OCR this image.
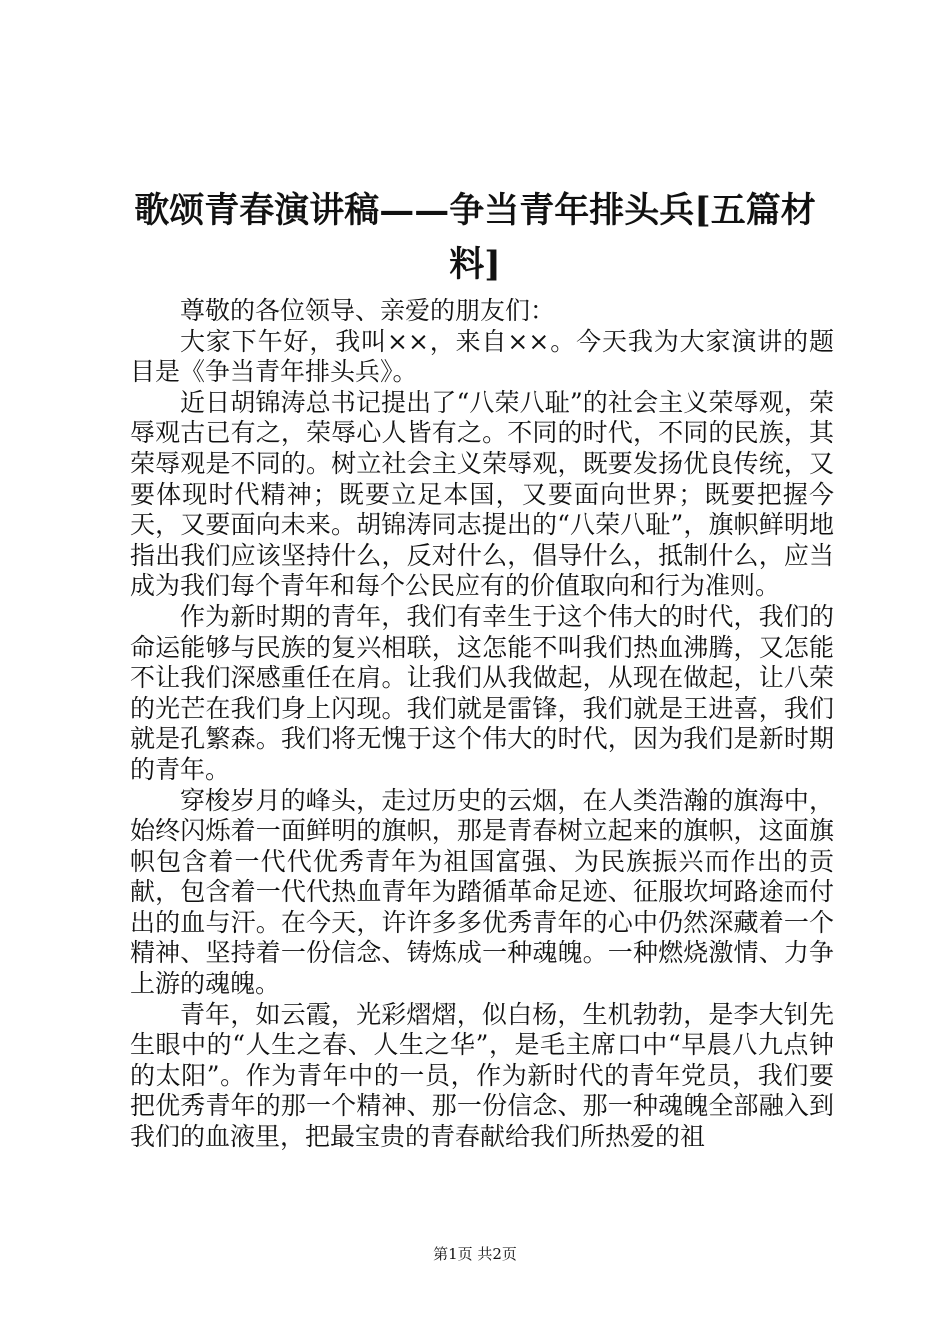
歌颂青春演讲稿——争当青年排头兵[五篇材料]

尊敬的各位领导、亲爱的朋友们：

大家下午好，我叫××，来自××。今天我为大家演讲的题目是《争当青年排头兵》。

近日胡锦涛总书记提出了“八荣八耻”的社会主义荣辱观，荣辱观古已有之，荣辱心人皆有之。不同的时代，不同的民族，其荣辱观是不同的。树立社会主义荣辱观，既要发扬优良传统，又要体现时代精神；既要立足本国，又要面向世界；既要把握今天，又要面向未来。胡锦涛同志提出的“八荣八耻”，旗帜鲜明地指出我们应该坚持什么，反对什么，倡导什么，抵制什么，应当成为我们每个青年和每个公民应有的价值取向和行为准则。

作为新时期的青年，我们有幸生于这个伟大的时代，我们的命运能够与民族的复兴相联，这怎能不叫我们热血沸腾，又怎能不让我们深感重任在肩。让我们从我做起，从现在做起，让八荣的光芒在我们身上闪现。我们就是雷锋，我们就是王进喜，我们就是孔繁森。我们将无愧于这个伟大的时代，因为我们是新时期的青年。

穿梭岁月的峰头，走过历史的云烟，在人类浩瀚的旗海中，始终闪烁着一面鲜明的旗帜，那是青春树立起来的旗帜，这面旗帜包含着一代代优秀青年为祖国富强、为民族振兴而作出的贡献，包含着一代代热血青年为踏循革命足迹、征服坎坷路途而付出的血与汗。在今天，许许多多优秀青年的心中仍然深藏着一个精神、坚持着一份信念、铸炼成一种魂魄。一种燃烧激情、力争上游的魂魄。

青年，如云霞，光彩熠熠，似白杨，生机勃勃，是李大钊先生眼中的“人生之春、人生之华”，是毛主席口中“早晨八九点钟的太阳”。作为青年中的一员，作为新时代的青年党员，我们要把优秀青年的那一个精神、那一份信念、那一种魂魄全部融入到我们的血液里，把最宝贵的青春献给我们所热爱的祖

第1页 共2页
